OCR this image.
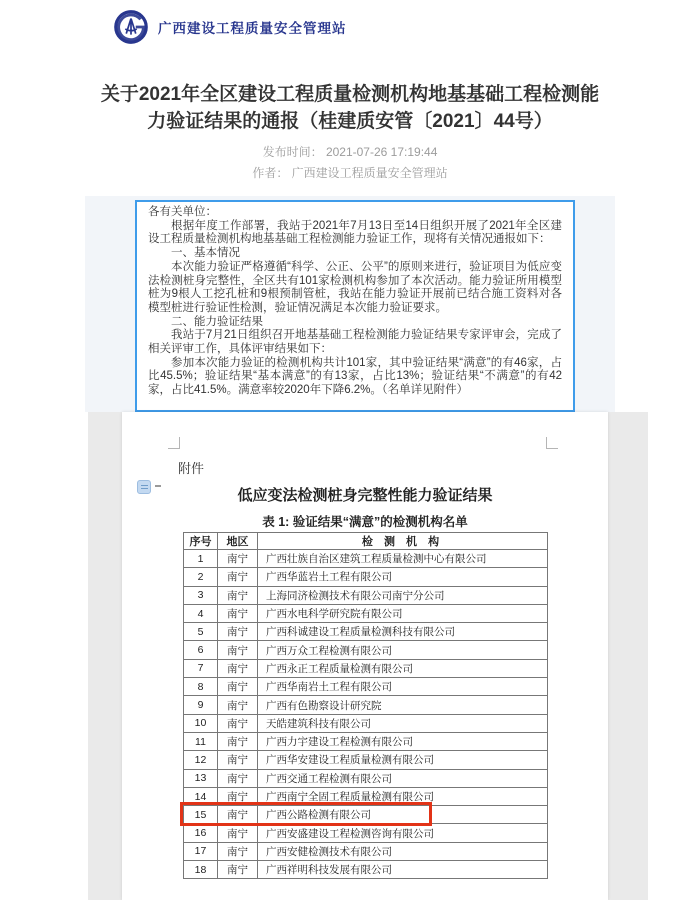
广西建设工程质量安全管理站
关于2021年全区建设工程质量检测机构地基基础工程检测能力验证结果的通报（桂建质安管〔2021〕44号）
发布时间： 2021-07-26 17:19:44
作者： 广西建设工程质量安全管理站

各有关单位：

根据年度工作部署，我站于2021年7月13日至14日组织开展了2021年全区建设工程质量检测机构地基基础工程检测能力验证工作，现将有关情况通报如下：

一、基本情况

本次能力验证严格遵循“科学、公正、公平”的原则来进行，验证项目为低应变法检测桩身完整性，全区共有101家检测机构参加了本次活动。能力验证所用模型桩为9根人工挖孔桩和9根预制管桩，我站在能力验证开展前已结合施工资料对各模型桩进行验证性检测，验证情况满足本次能力验证要求。

二、能力验证结果

我站于7月21日组织召开地基基础工程检测能力验证结果专家评审会，完成了相关评审工作，具体评审结果如下：

参加本次能力验证的检测机构共计101家，其中验证结果“满意”的有46家，占比45.5%；验证结果“基本满意”的有13家，占比13%；验证结果“不满意”的有42 家，占比41.5%。满意率较2020年下降6.2%。（名单详见附件）

附件
低应变法检测桩身完整性能力验证结果
表 1: 验证结果“满意”的检测机构名单
序号	地区	检 测 机 构
1	南宁	广西壮族自治区建筑工程质量检测中心有限公司
2	南宁	广西华蓝岩土工程有限公司
3	南宁	上海同济检测技术有限公司南宁分公司
4	南宁	广西水电科学研究院有限公司
5	南宁	广西科诚建设工程质量检测科技有限公司
6	南宁	广西万众工程检测有限公司
7	南宁	广西永正工程质量检测有限公司
8	南宁	广西华南岩土工程有限公司
9	南宁	广西有色勘察设计研究院
10	南宁	天皓建筑科技有限公司
11	南宁	广西力宇建设工程检测有限公司
12	南宁	广西华安建设工程质量检测有限公司
13	南宁	广西交通工程检测有限公司
14	南宁	广西南宁全固工程质量检测有限公司
15	南宁	广西公路检测有限公司
16	南宁	广西安盛建设工程检测咨询有限公司
17	南宁	广西安健检测技术有限公司
18	南宁	广西祥明科技发展有限公司
